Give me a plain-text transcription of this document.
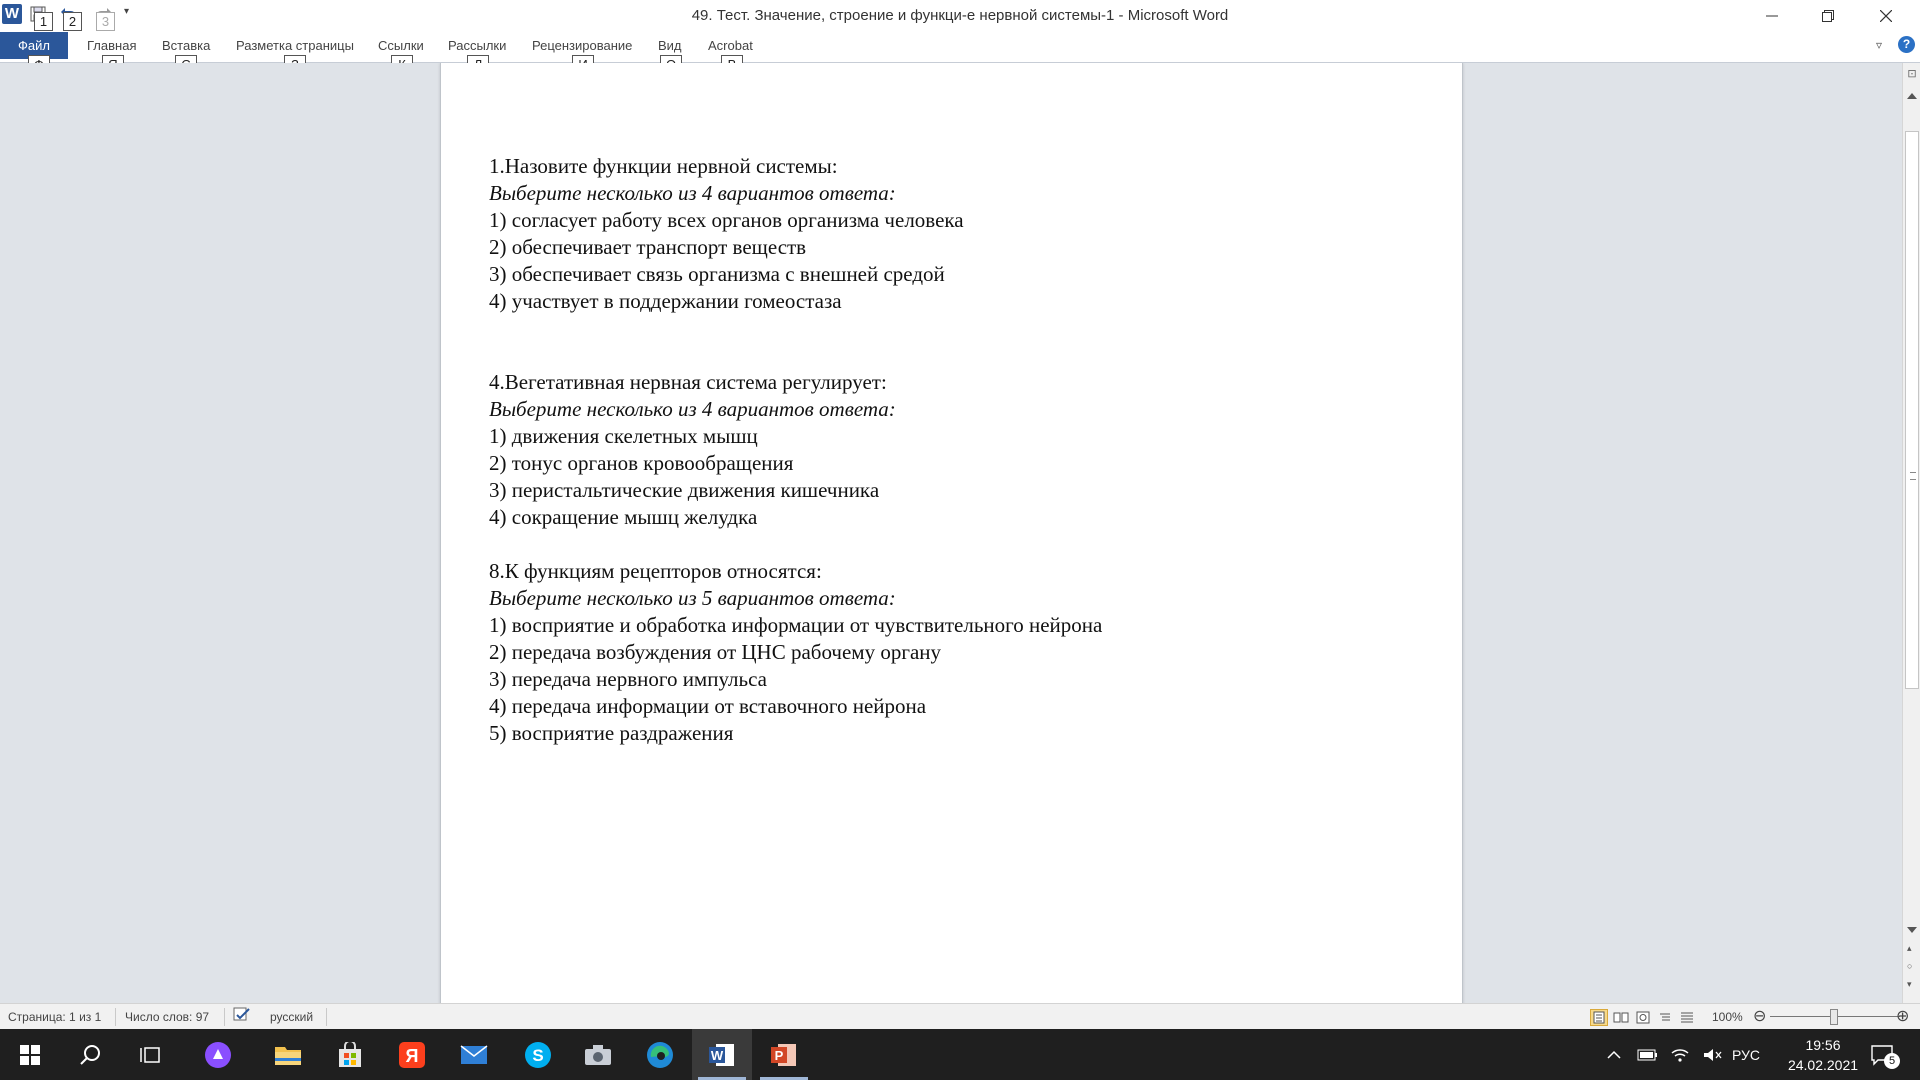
W	1	2	3
▾	49. Тест. Значение, строение и функци-е нервной системы-1 - Microsoft Word
Файл	Главная Вставка Разметка страницы Ссылки Рассылки Рецензирование Вид Acrobat	▿	?

1.Назовите функции нервной системы:

Выберите несколько из 4 вариантов ответа:

1) согласует работу всех органов организма человека

2) обеспечивает транспорт веществ

3) обеспечивает связь организма с внешней средой

4) участвует в поддержании гомеостаза

4.Вегетативная нервная система регулирует:

Выберите несколько из 4 вариантов ответа:

1) движения скелетных мышц

2) тонус органов кровообращения

3) перистальтические движения кишечника

4) сокращение мышц желудка

8.К функциям рецепторов относятся:

Выберите несколько из 5 вариантов ответа:

1) восприятие и обработка информации от чувствительного нейрона

2) передача возбуждения от ЦНС рабочему органу

3) передача нервного импульса

4) передача информации от вставочного нейрона

5) восприятие раздражения

⊡
▴
○
▾
Страница: 1 из 1 Число слов: 97	русский	100% ⊖	⊕
Я	S	W	P	РУС
19:56
24.02.2021	5
